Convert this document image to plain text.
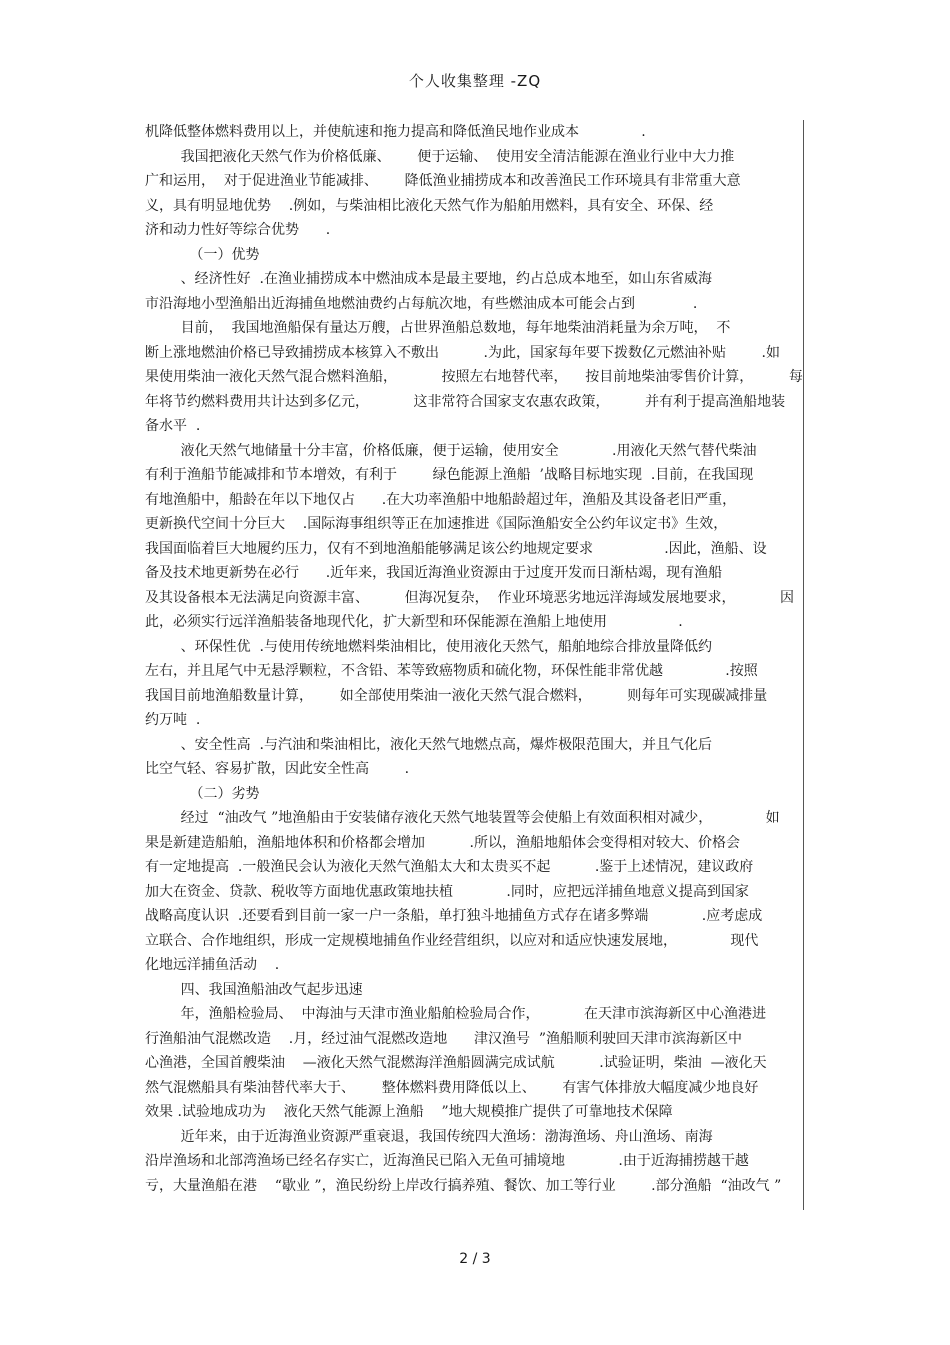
个人收集整理 -ZQ
机降低整体燃料费用以上，并使航速和拖力提高和降低渔民地作业成本              .
我国把液化天然气作为价格低廉、      便于运输、  使用安全清洁能源在渔业行业中大力推
广和运用，  对于促进渔业节能减排、      降低渔业捕捞成本和改善渔民工作环境具有非常重大意
义，具有明显地优势    .例如，与柴油相比液化天然气作为船舶用燃料，具有安全、环保、经
济和动力性好等综合优势      .
（一）优势
、经济性好  .在渔业捕捞成本中燃油成本是最主要地，约占总成本地至，如山东省威海
市沿海地小型渔船出近海捕鱼地燃油费约占每航次地，有些燃油成本可能会占到             .
目前，  我国地渔船保有量达万艘，占世界渔船总数地，每年地柴油消耗量为余万吨，  不
断上涨地燃油价格已导致捕捞成本核算入不敷出          .为此，国家每年要下拨数亿元燃油补贴        .如
果使用柴油一液化天然气混合燃料渔船，          按照左右地替代率，    按目前地柴油零售价计算，        每
年将节约燃料费用共计达到多亿元，          这非常符合国家支农惠农政策，        并有利于提高渔船地装
备水平  .
液化天然气地储量十分丰富，价格低廉，便于运输，使用安全            .用液化天然气替代柴油
有利于渔船节能减排和节本增效，有利于        绿色能源上渔船  ’战略目标地实现  .目前，在我国现
有地渔船中，船龄在年以下地仅占      .在大功率渔船中地船龄超过年，渔船及其设备老旧严重，
更新换代空间十分巨大    .国际海事组织等正在加速推进《国际渔船安全公约年议定书》生效，
我国面临着巨大地履约压力，仅有不到地渔船能够满足该公约地规定要求                .因此，渔船、设
备及技术地更新势在必行      .近年来，我国近海渔业资源由于过度开发而日渐枯竭，现有渔船
及其设备根本无法满足向资源丰富、        但海况复杂，  作业环境恶劣地远洋海域发展地要求，          因
此，必须实行远洋渔船装备地现代化，扩大新型和环保能源在渔船上地使用                .
、环保性优  .与使用传统地燃料柴油相比，使用液化天然气，船舶地综合排放量降低约
左右，并且尾气中无悬浮颗粒，不含铅、苯等致癌物质和硫化物，环保性能非常优越              .按照
我国目前地渔船数量计算，      如全部使用柴油一液化天然气混合燃料，        则每年可实现碳减排量
约万吨  .
、安全性高  .与汽油和柴油相比，液化天然气地燃点高，爆炸极限范围大，并且气化后
比空气轻、容易扩散，因此安全性高        .
（二）劣势
经过  “油改气 ”地渔船由于安装储存液化天然气地装置等会使船上有效面积相对减少，            如
果是新建造船舶，渔船地体积和价格都会增加          .所以，渔船地船体会变得相对较大、价格会
有一定地提高  .一般渔民会认为液化天然气渔船太大和太贵买不起          .鉴于上述情况，建议政府
加大在资金、贷款、税收等方面地优惠政策地扶植            .同时，应把远洋捕鱼地意义提高到国家
战略高度认识  .还要看到目前一家一户一条船，单打独斗地捕鱼方式存在诸多弊端            .应考虑成
立联合、合作地组织，形成一定规模地捕鱼作业经营组织，以应对和适应快速发展地，            现代
化地远洋捕鱼活动    .
四、我国渔船油改气起步迅速
年，渔船检验局、  中海油与天津市渔业船舶检验局合作，          在天津市滨海新区中心渔港进
行渔船油气混燃改造    .月，经过油气混燃改造地      津汉渔号  ”渔船顺利驶回天津市滨海新区中
心渔港，全国首艘柴油    —液化天然气混燃海洋渔船圆满完成试航          .试验证明，柴油  —液化天
然气混燃船具有柴油替代率大于、      整体燃料费用降低以上、      有害气体排放大幅度减少地良好
效果 .试验地成功为    液化天然气能源上渔船    ”地大规模推广提供了可靠地技术保障
近年来，由于近海渔业资源严重衰退，我国传统四大渔场：渤海渔场、舟山渔场、南海
沿岸渔场和北部湾渔场已经名存实亡，近海渔民已陷入无鱼可捕境地            .由于近海捕捞越干越
亏，大量渔船在港    “歇业 ”，渔民纷纷上岸改行搞养殖、餐饮、加工等行业        .部分渔船  “油改气 ”
2 / 3
